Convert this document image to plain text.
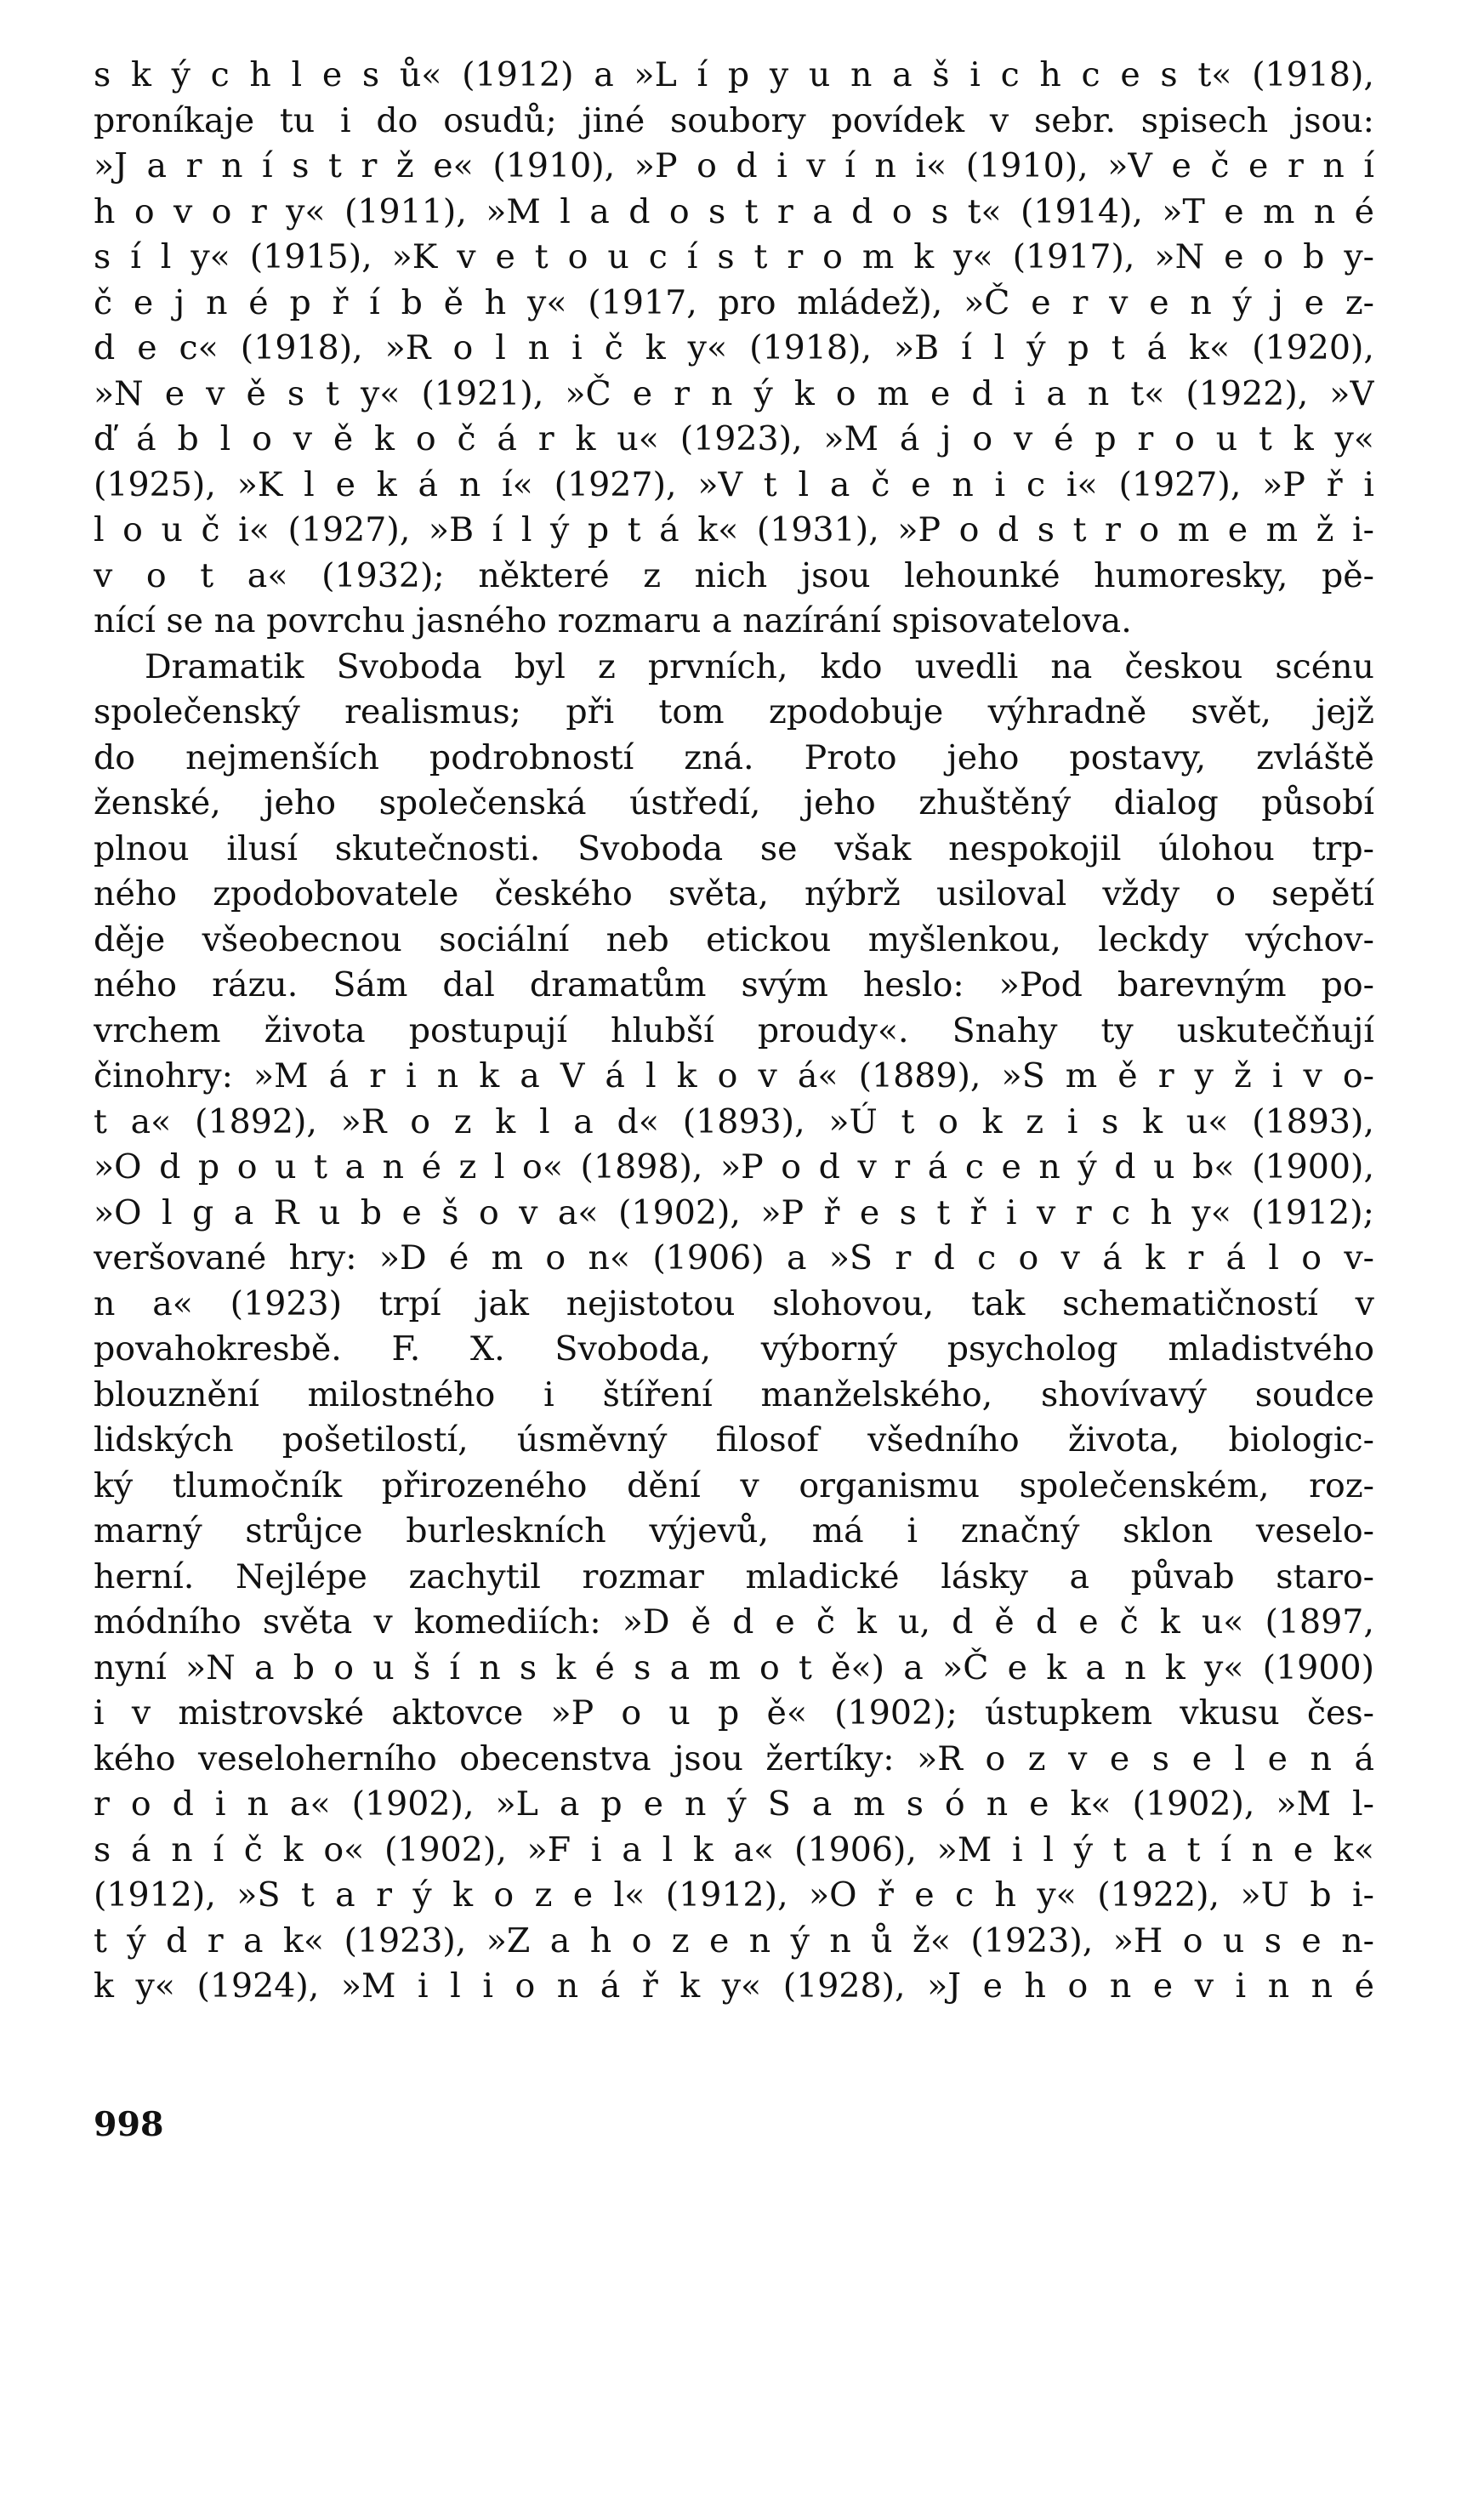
s k ý c h l e s ů« (1912) a »L í p y u n a š i c h c e s t« (1918),
proníkaje tu i do osudů; jiné soubory povídek v sebr. spisech jsou:
»J a r n í s t r ž e« (1910), »P o d i v í n i« (1910), »V e č e r n í
h o v o r y« (1911), »M l a d o s t r a d o s t« (1914), »T e m n é
s í l y« (1915), »K v e t o u c í s t r o m k y« (1917), »N e o b y-
č e j n é p ř í b ě h y« (1917, pro mládež), »Č e r v e n ý j e z-
d e c« (1918), »R o l n i č k y« (1918), »B í l ý p t á k« (1920),
»N e v ě s t y« (1921), »Č e r n ý k o m e d i a n t« (1922), »V
ď á b l o v ě k o č á r k u« (1923), »M á j o v é p r o u t k y«
(1925), »K l e k á n í« (1927), »V t l a č e n i c i« (1927), »P ř i
l o u č i« (1927), »B í l ý p t á k« (1931), »P o d s t r o m e m ž i-
v o t a« (1932); některé z nich jsou lehounké humoresky, pě-
nící se na povrchu jasného rozmaru a nazírání spisovatelova.
Dramatik Svoboda byl z prvních, kdo uvedli na českou scénu
společenský realismus; při tom zpodobuje výhradně svět, jejž
do nejmenších podrobností zná. Proto jeho postavy, zvláště
ženské, jeho společenská ústředí, jeho zhuštěný dialog působí
plnou ilusí skutečnosti. Svoboda se však nespokojil úlohou trp-
ného zpodobovatele českého světa, nýbrž usiloval vždy o sepětí
děje všeobecnou sociální neb etickou myšlenkou, leckdy výchov-
ného rázu. Sám dal dramatům svým heslo: »Pod barevným po-
vrchem života postupují hlubší proudy«. Snahy ty uskutečňují
činohry: »M á r i n k a V á l k o v á« (1889), »S m ě r y ž i v o-
t a« (1892), »R o z k l a d« (1893), »Ú t o k z i s k u« (1893),
»O d p o u t a n é z l o« (1898), »P o d v r á c e n ý d u b« (1900),
»O l g a R u b e š o v a« (1902), »P ř e s t ř i v r c h y« (1912);
veršované hry: »D é m o n« (1906) a »S r d c o v á k r á l o v-
n a« (1923) trpí jak nejistotou slohovou, tak schematičností v
povahokresbě. F. X. Svoboda, výborný psycholog mladistvého
blouznění milostného i štíření manželského, shovívavý soudce
lidských pošetilostí, úsměvný filosof všedního života, biologic-
ký tlumočník přirozeného dění v organismu společenském, roz-
marný strůjce burleskních výjevů, má i značný sklon veselo-
herní. Nejlépe zachytil rozmar mladické lásky a půvab staro-
módního světa v komediích: »D ě d e č k u, d ě d e č k u« (1897,
nyní »N a b o u š í n s k é s a m o t ě«) a »Č e k a n k y« (1900)
i v mistrovské aktovce »P o u p ě« (1902); ústupkem vkusu čes-
kého veseloherního obecenstva jsou žertíky: »R o z v e s e l e n á
r o d i n a« (1902), »L a p e n ý S a m s ó n e k« (1902), »M l-
s á n í č k o« (1902), »F i a l k a« (1906), »M i l ý t a t í n e k«
(1912), »S t a r ý k o z e l« (1912), »O ř e c h y« (1922), »U b i-
t ý d r a k« (1923), »Z a h o z e n ý n ů ž« (1923), »H o u s e n-
k y« (1924), »M i l i o n á ř k y« (1928), »J e h o n e v i n n é
998
